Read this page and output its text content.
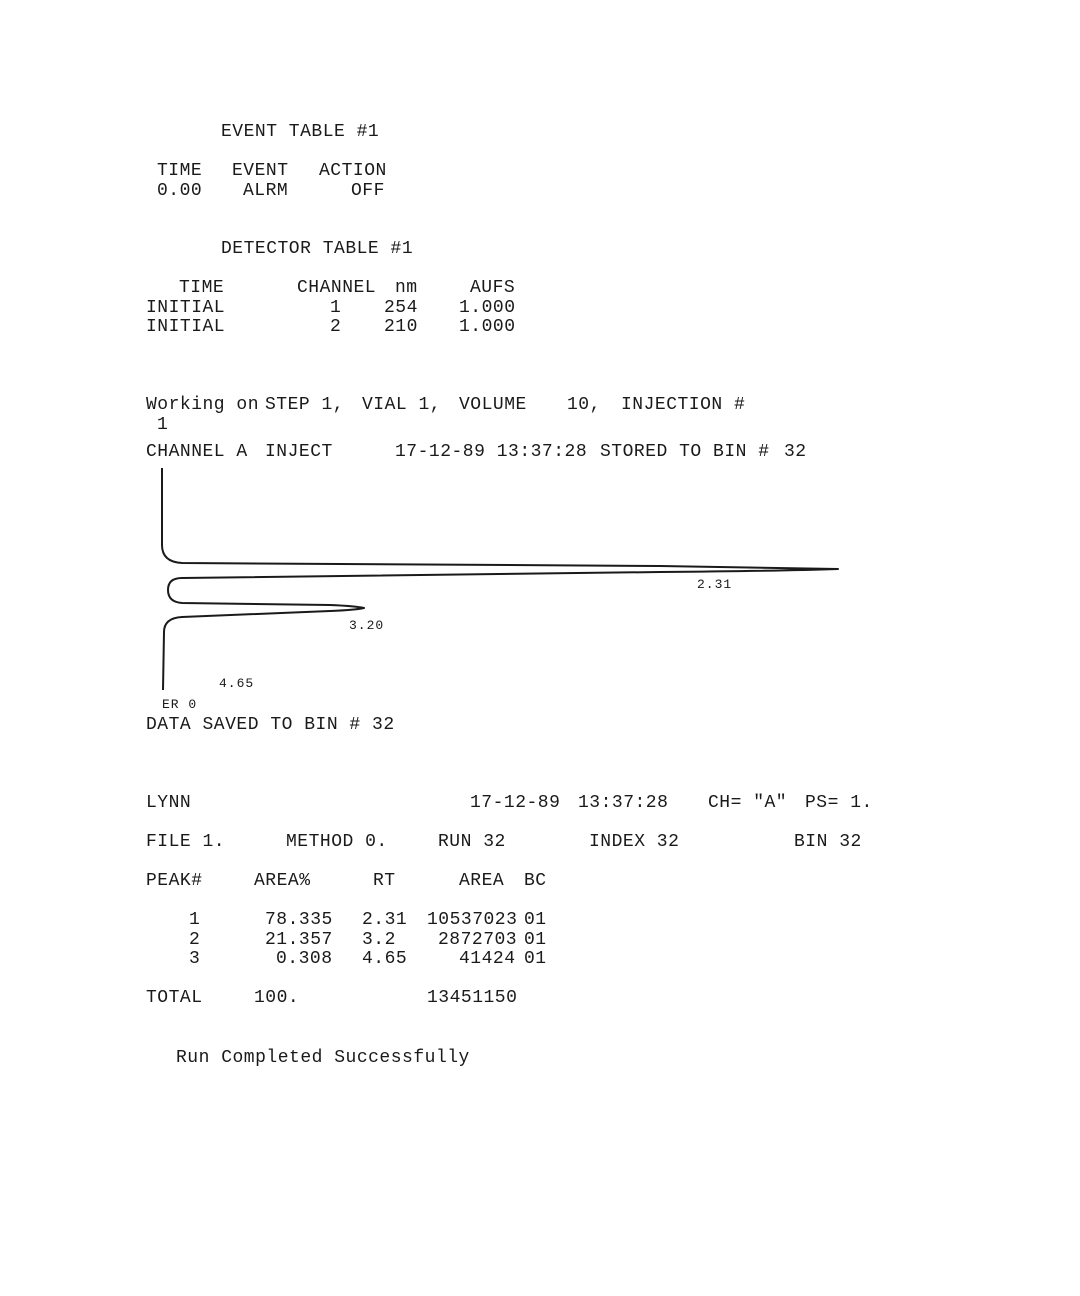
EVENT TABLE #1
TIME EVENT ACTION
0.00 ALRM	OFF
DETECTOR TABLE #1
TIME	CHANNEL nm	AUFS
INITIAL	1 254 1.000
INITIAL	2 210 1.000
Working on STEP 1, VIAL 1, VOLUME 10, INJECTION #
1
CHANNEL A INJECT	17-12-89 13:37:28 STORED TO BIN # 32
2.31
3.20
4.65
ER 0
DATA SAVED TO BIN # 32
LYNN	17-12-89 13:37:28 CH= "A" PS= 1.
FILE 1.	METHOD 0.	RUN 32	INDEX 32	BIN 32
PEAK#	AREA%	RT	AREA BC
1	78.335 2.31 10537023 01
2	21.357 3.2 2872703 01
3	0.308 4.65	41424 01
TOTAL	100.	13451150
Run Completed Successfully
